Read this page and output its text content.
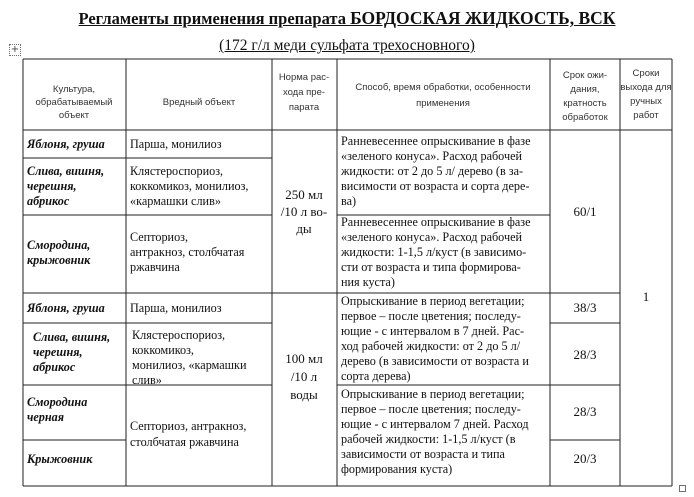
Регламенты применения препарата БОРДОСКАЯ ЖИДКОСТЬ, ВСК

(172 г/л меди сульфата трехосновного)

+
Культура,
обрабатываемый
объект
Вредный объект
Норма рас-
хода пре-
парата
Способ, время обработки, особенности
применения
Срок ожи-
дания,
кратность
обработок
Сроки
выхода для
ручных
работ
Яблоня, груша
Слива, вишня,
черешня,
абрикос
Смородина,
крыжовник
Яблоня, груша
Слива, вишня,
черешня,
абрикос
Смородина
черная
Крыжовник
Парша, монилиоз
Клястероспориоз,
коккомикоз, монилиоз,
«кармашки слив»
Септориоз,
антракноз, столбчатая
ржавчина
Парша, монилиоз
Клястероспориоз,
коккомикоз,
монилиоз, «кармашки
слив»
Септориоз, антракноз,
столбчатая ржавчина
250 мл
/10 л во-
ды
100 мл
/10 л
воды
Ранневесеннее опрыскивание в фазе
«зеленого конуса». Расход рабочей
жидкости: от 2 до 5 л/ дерево (в за-
висимости от возраста и сорта дере-
ва)
Ранневесеннее опрыскивание в фазе
«зеленого конуса». Расход рабочей
жидкости: 1-1,5 л/куст (в зависимо-
сти от возраста и типа формирова-
ния куста)
Опрыскивание в период вегетации;
первое – после цветения; последу-
ющие - с интервалом в 7 дней. Рас-
ход рабочей жидкости: от 2 до 5 л/
дерево (в зависимости от возраста и
сорта дерева)
Опрыскивание в период вегетации;
первое – после цветения; последу-
ющие - с интервалом 7 дней. Расход
рабочей жидкости: 1-1,5 л/куст (в
зависимости от возраста и типа
формирования куста)
60/1
38/3
28/3
28/3
20/3
1
